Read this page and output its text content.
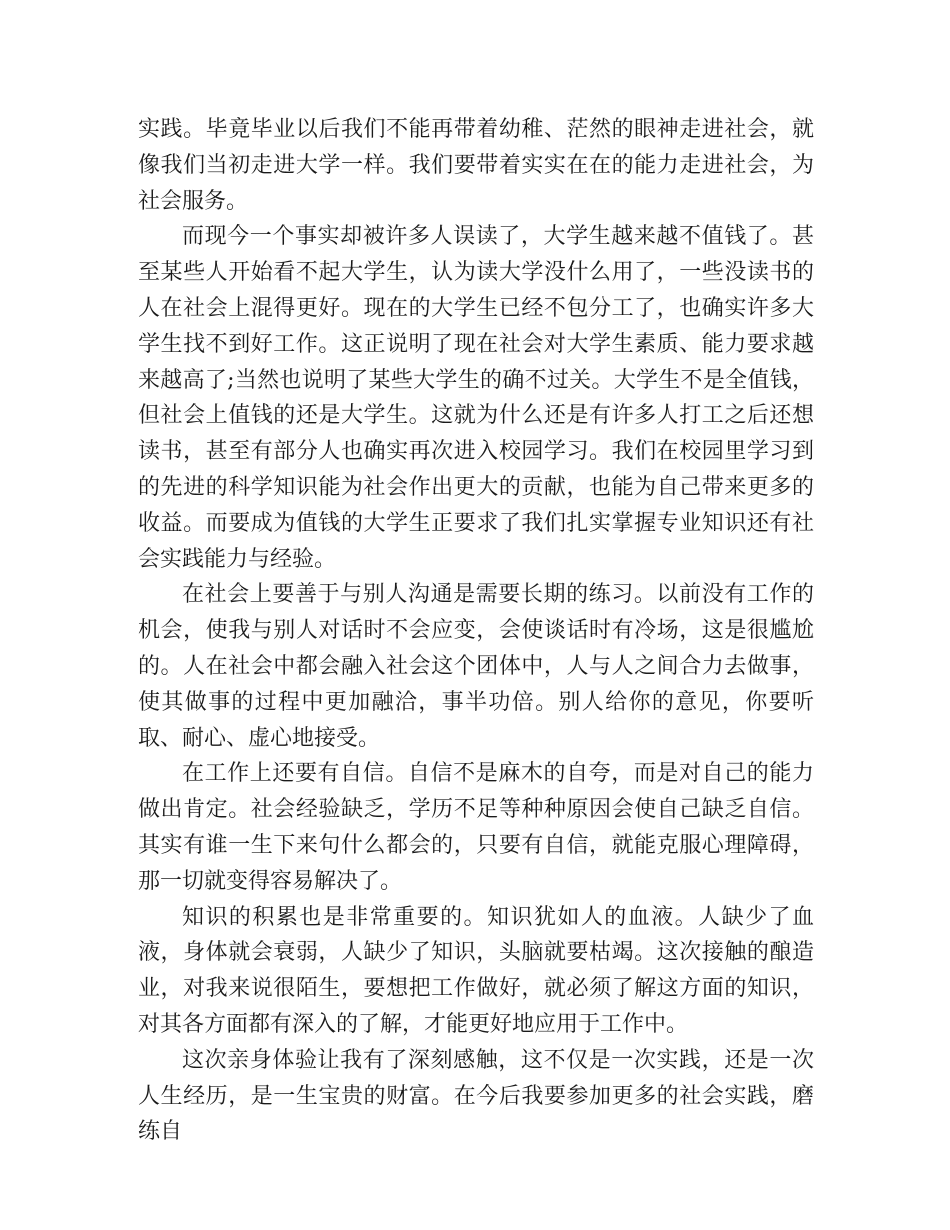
实践。毕竟毕业以后我们不能再带着幼稚、茫然的眼神走进社会，就像我们当初走进大学一样。我们要带着实实在在的能力走进社会，为社会服务。

而现今一个事实却被许多人误读了，大学生越来越不值钱了。甚至某些人开始看不起大学生，认为读大学没什么用了，一些没读书的人在社会上混得更好。现在的大学生已经不包分工了，也确实许多大学生找不到好工作。这正说明了现在社会对大学生素质、能力要求越来越高了;当然也说明了某些大学生的确不过关。大学生不是全值钱，但社会上值钱的还是大学生。这就为什么还是有许多人打工之后还想读书，甚至有部分人也确实再次进入校园学习。我们在校园里学习到的先进的科学知识能为社会作出更大的贡献，也能为自己带来更多的收益。而要成为值钱的大学生正要求了我们扎实掌握专业知识还有社会实践能力与经验。

在社会上要善于与别人沟通是需要长期的练习。以前没有工作的机会，使我与别人对话时不会应变，会使谈话时有冷场，这是很尴尬的。人在社会中都会融入社会这个团体中，人与人之间合力去做事，使其做事的过程中更加融洽，事半功倍。别人给你的意见，你要听取、耐心、虚心地接受。

在工作上还要有自信。自信不是麻木的自夸，而是对自己的能力做出肯定。社会经验缺乏，学历不足等种种原因会使自己缺乏自信。其实有谁一生下来句什么都会的，只要有自信，就能克服心理障碍，那一切就变得容易解决了。

知识的积累也是非常重要的。知识犹如人的血液。人缺少了血液，身体就会衰弱，人缺少了知识，头脑就要枯竭。这次接触的酿造业，对我来说很陌生，要想把工作做好，就必须了解这方面的知识，对其各方面都有深入的了解，才能更好地应用于工作中。

这次亲身体验让我有了深刻感触，这不仅是一次实践，还是一次人生经历，是一生宝贵的财富。在今后我要参加更多的社会实践，磨练自
